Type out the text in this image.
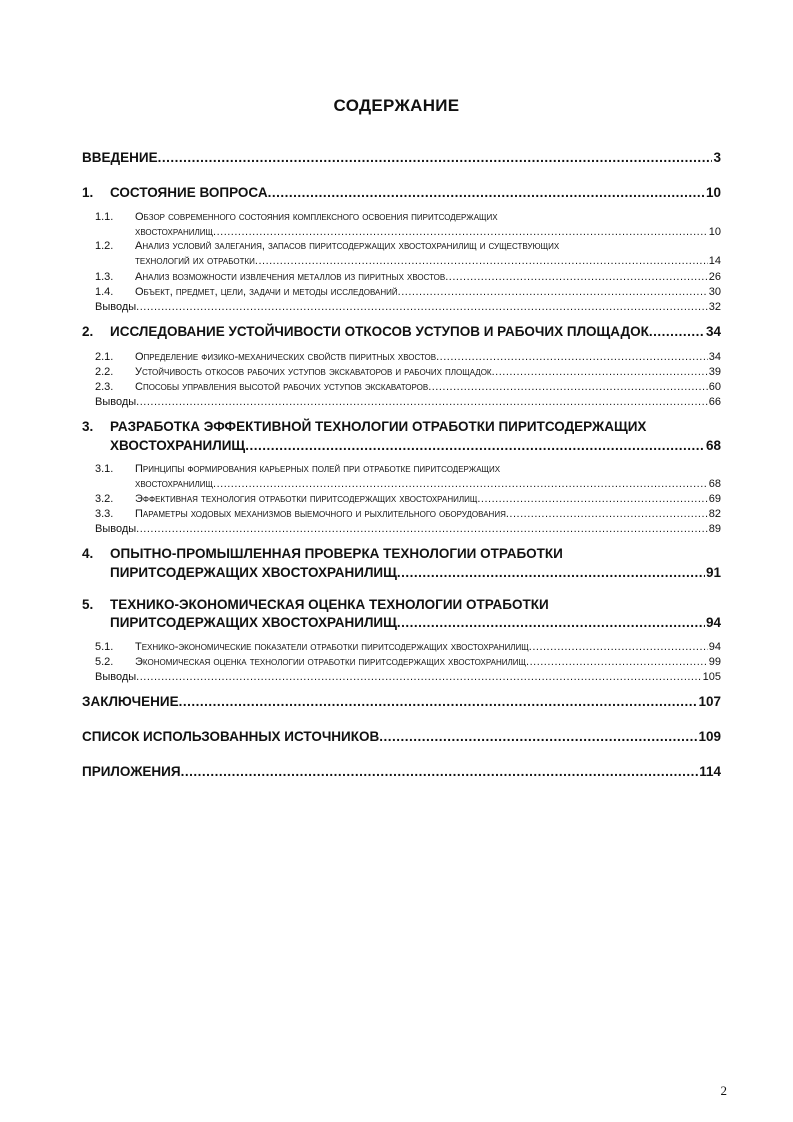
СОДЕРЖАНИЕ
ВВЕДЕНИЕ .....	3
1. СОСТОЯНИЕ ВОПРОСА .....	10
1.1. Обзор современного состояния комплексного освоения пиритсодержащих
хвостохранилищ .....	10
1.2. Анализ условий залегания, запасов пиритсодержащих хвостохранилищ и существующих
технологий их отработки .....	14
1.3. Анализ возможности извлечения металлов из пиритных хвостов .....	26
1.4. Объект, предмет, цели, задачи и методы исследований .....	30
Выводы .....	32
2. ИССЛЕДОВАНИЕ УСТОЙЧИВОСТИ ОТКОСОВ УСТУПОВ И РАБОЧИХ ПЛОЩАДОК .....	34
2.1. Определение физико-механических свойств пиритных хвостов .....	34
2.2. Устойчивость откосов рабочих уступов экскаваторов и рабочих площадок .....	39
2.3. Способы управления высотой рабочих уступов экскаваторов .....	60
Выводы .....	66
3. РАЗРАБОТКА ЭФФЕКТИВНОЙ ТЕХНОЛОГИИ ОТРАБОТКИ ПИРИТСОДЕРЖАЩИХ
ХВОСТОХРАНИЛИЩ .....	68
3.1. Принципы формирования карьерных полей при отработке пиритсодержащих
хвостохранилищ .....	68
3.2. Эффективная технология отработки пиритсодержащих хвостохранилищ .....	69
3.3. Параметры ходовых механизмов выемочного и рыхлительного оборудования .....	82
Выводы .....	89
4. ОПЫТНО-ПРОМЫШЛЕННАЯ ПРОВЕРКА ТЕХНОЛОГИИ ОТРАБОТКИ
ПИРИТСОДЕРЖАЩИХ ХВОСТОХРАНИЛИЩ .....	91
5. ТЕХНИКО-ЭКОНОМИЧЕСКАЯ ОЦЕНКА ТЕХНОЛОГИИ ОТРАБОТКИ
ПИРИТСОДЕРЖАЩИХ ХВОСТОХРАНИЛИЩ .....	94
5.1. Технико-экономические показатели отработки пиритсодержащих хвостохранилищ .....	94
5.2. Экономическая оценка технологии отработки пиритсодержащих хвостохранилищ .....	99
Выводы .....	105
ЗАКЛЮЧЕНИЕ .....	107
СПИСОК ИСПОЛЬЗОВАННЫХ ИСТОЧНИКОВ .....	109
ПРИЛОЖЕНИЯ .....	114
2
